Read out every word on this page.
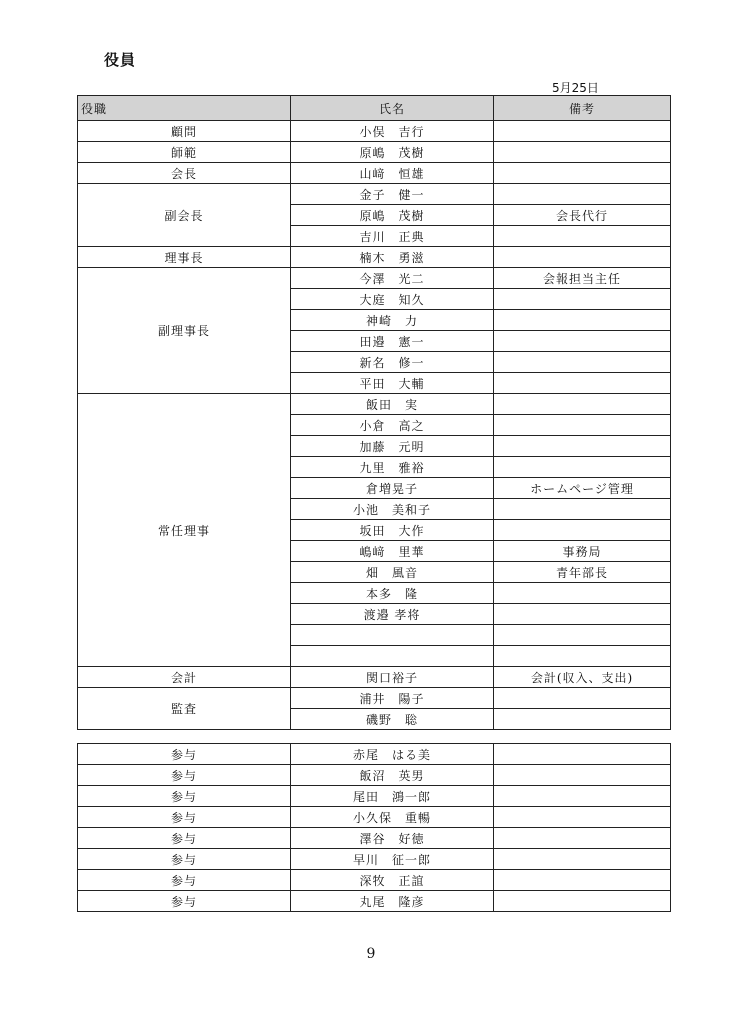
役員
5月25日
役職	氏名	備考
顧問	小俣　吉行	
師範	原嶋　茂樹	
会長	山﨑　恒雄	
副会長	金子　健一	
	原嶋　茂樹	会長代行
	吉川　正典	
理事長	楠木　勇滋	
副理事長	今澤　光二	会報担当主任
	大庭　知久	
	神崎　力	
	田邉　憲一	
	新名　修一	
	平田　大輔	
常任理事	飯田　実	
	小倉　高之	
	加藤　元明	
	九里　雅裕	
	倉増晃子	ホームページ管理
	小池　美和子	
	坂田　大作	
	嶋﨑　里華	事務局
	畑　風音	青年部長
	本多　隆	
	渡邉 孝将	

会計	関口裕子	会計(収入、支出)
監査	浦井　陽子	
	磯野　聡	
参与	赤尾　はる美	
参与	飯沼　英男	
参与	尾田　鴻一郎	
参与	小久保　重暢	
参与	澤谷　好徳	
参与	早川　征一郎	
参与	深牧　正誼	
参与	丸尾　隆彦	
9
